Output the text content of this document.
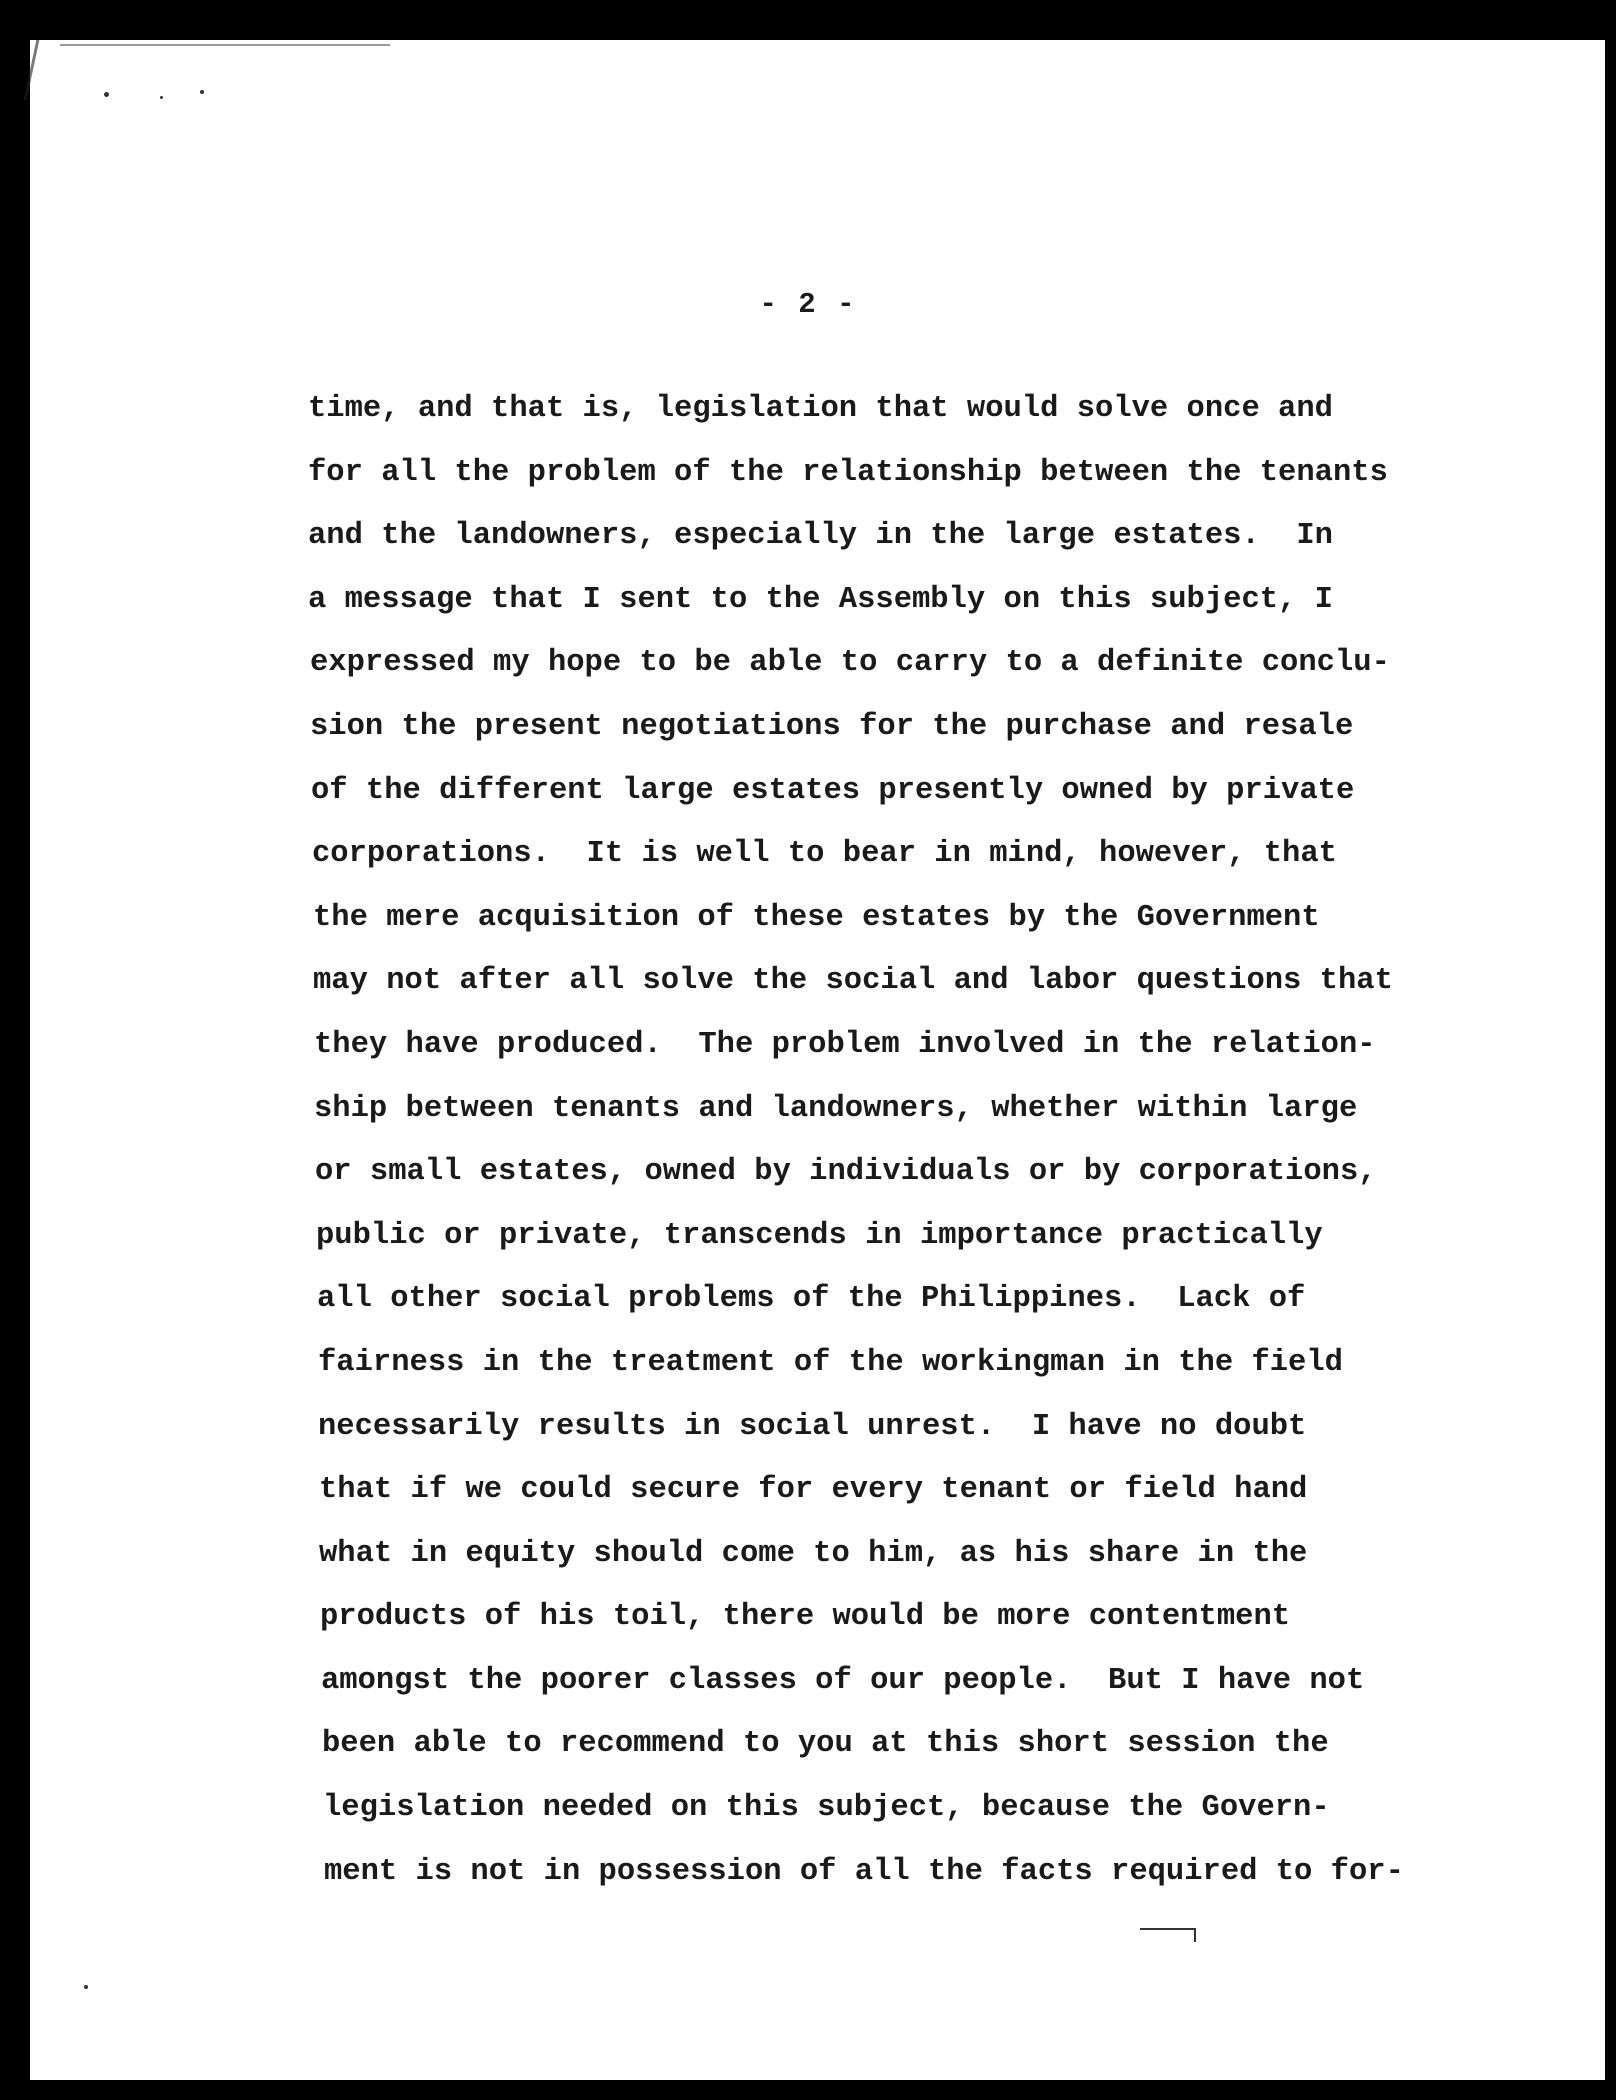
- 2 -
time, and that is, legislation that would solve once and
for all the problem of the relationship between the tenants
and the landowners, especially in the large estates.  In
a message that I sent to the Assembly on this subject, I
expressed my hope to be able to carry to a definite conclu-
sion the present negotiations for the purchase and resale
of the different large estates presently owned by private
corporations.  It is well to bear in mind, however, that
the mere acquisition of these estates by the Government
may not after all solve the social and labor questions that
they have produced.  The problem involved in the relation-
ship between tenants and landowners, whether within large
or small estates, owned by individuals or by corporations,
public or private, transcends in importance practically
all other social problems of the Philippines.  Lack of
fairness in the treatment of the workingman in the field
necessarily results in social unrest.  I have no doubt
that if we could secure for every tenant or field hand
what in equity should come to him, as his share in the
products of his toil, there would be more contentment
amongst the poorer classes of our people.  But I have not
been able to recommend to you at this short session the
legislation needed on this subject, because the Govern-
ment is not in possession of all the facts required to for-
